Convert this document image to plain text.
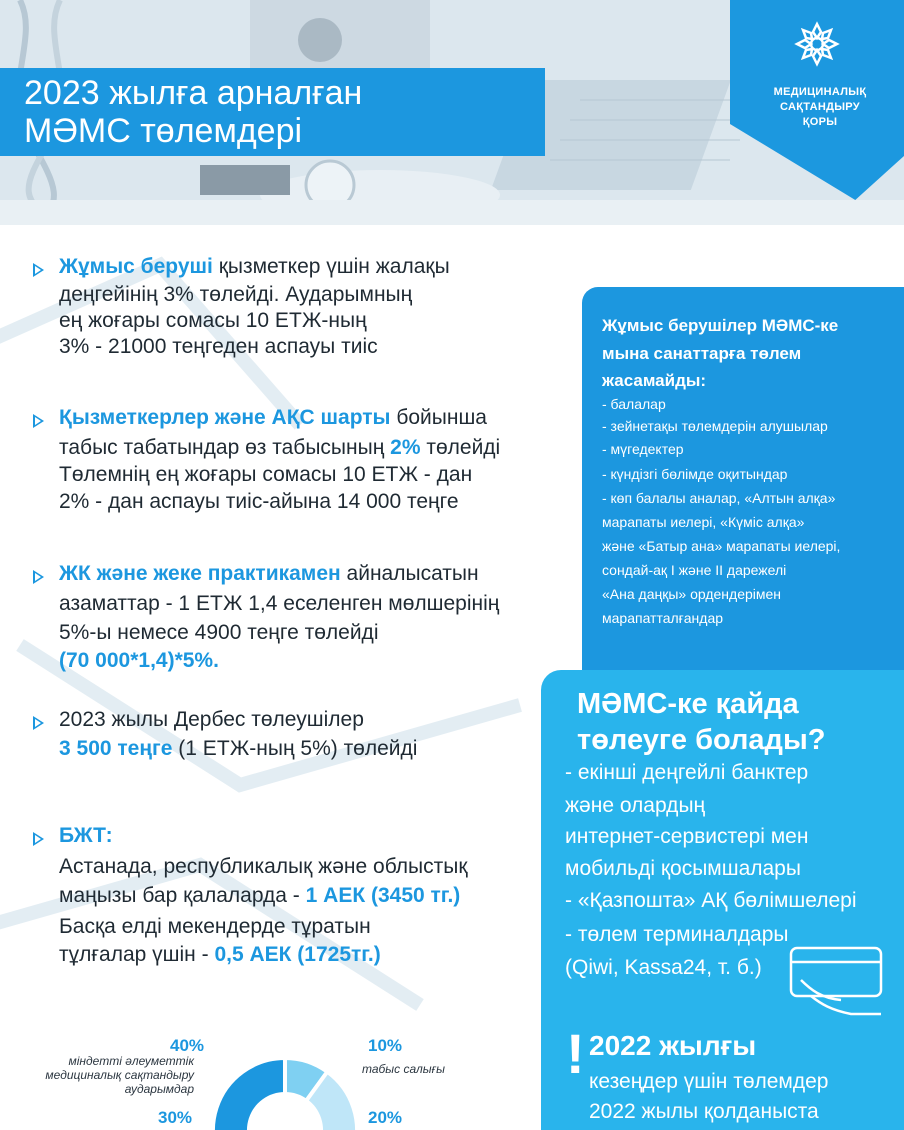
2023 жылға арналған
МӘМС төлемдері
МЕДИЦИНАЛЫҚ
САҚТАНДЫРУ
ҚОРЫ
Жұмыс беруші қызметкер үшін жалақы
деңгейінің 3% төлейді. Аударымның
ең жоғары сомасы 10 ЕТЖ-ның
3% - 21000 теңгеден аспауы тиіс
Қызметкерлер және АҚС шарты бойынша
табыс табатындар өз табысының 2% төлейді
Төлемнің ең жоғары сомасы 10 ЕТЖ - дан
2% - дан аспауы тиіс-айына 14 000 теңге
ЖК және жеке практикамен айналысатын
азаматтар - 1 ЕТЖ 1,4 еселенген мөлшерінің
5%-ы немесе 4900 теңге төлейді
(70 000*1,4)*5%.
2023 жылы Дербес төлеушілер
3 500 теңге (1 ЕТЖ-ның 5%) төлейді
БЖТ:
Астанада, республикалық және облыстық
маңызы бар қалаларда - 1 АЕК (3450 тг.)
Басқа елді мекендерде тұратын
тұлғалар үшін - 0,5 АЕК (1725тг.)
40%	10%
20%
30%
міндетті әлеуметтік
медициналық сақтандыру
аударымдар
табыс салығы
Жұмыс берушілер МӘМС-ке
мына санаттарға төлем
жасамайды:
- балалар
- зейнетақы төлемдерін алушылар
- мүгедектер
- күндізгі бөлімде оқитындар
- көп балалы аналар, «Алтын алқа»
марапаты иелері, «Күміс алқа»
және «Батыр ана» марапаты иелері,
сондай-ақ I және II дарежелі
«Ана даңқы» ордендерімен
марапатталғандар
МӘМС-ке қайда
төлеуге болады?
- екінші деңгейлі банктер
және олардың
интернет-сервистері мен
мобильді қосымшалары
- «Қазпошта» АҚ бөлімшелері
- төлем терминалдары
(Qiwi, Kassa24, т. б.)
! 2022 жылғы
кезеңдер үшін төлемдер
2022 жылы қолданыста
